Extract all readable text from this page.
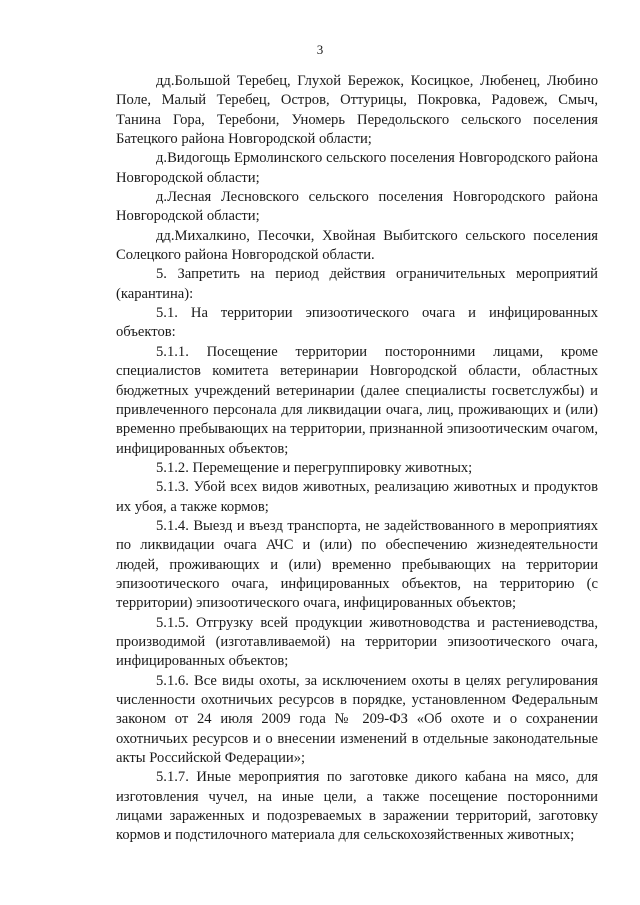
3

дд.Большой Теребец, Глухой Бережок, Косицкое, Любенец, Любино Поле, Малый Теребец, Остров, Оттурицы, Покровка, Радовеж, Смыч, Танина Гора, Теребони, Уномерь Передольского сельского поселения Батецкого района Новгородской области;

д.Видогощь Ермолинского сельского поселения Новгородского района Новгородской области;

д.Лесная Лесновского сельского поселения Новгородского района Новгородской области;

дд.Михалкино, Песочки, Хвойная Выбитского сельского поселения Солецкого района Новгородской области.

5. Запретить на период действия ограничительных мероприятий (карантина):

5.1. На территории эпизоотического очага и инфицированных объектов:

5.1.1. Посещение территории посторонними лицами, кроме специалистов комитета ветеринарии Новгородской области, областных бюджетных учреждений ветеринарии (далее специалисты госветслужбы) и привлеченного персонала для ликвидации очага, лиц, проживающих и (или) временно пребывающих на территории, признанной эпизоотическим очагом, инфицированных объектов;

5.1.2. Перемещение и перегруппировку животных;

5.1.3. Убой всех видов животных, реализацию животных и продуктов их убоя, а также кормов;

5.1.4. Выезд и въезд транспорта, не задействованного в мероприятиях по ликвидации очага АЧС и (или) по обеспечению жизнедеятельности людей, проживающих и (или) временно пребывающих на территории эпизоотического очага, инфицированных объектов, на территорию (с территории) эпизоотического очага, инфицированных объектов;

5.1.5. Отгрузку всей продукции животноводства и растениеводства, производимой (изготавливаемой) на территории эпизоотического очага, инфицированных объектов;

5.1.6. Все виды охоты, за исключением охоты в целях регулирования численности охотничьих ресурсов в порядке, установленном Федеральным законом от 24 июля 2009 года № 209-ФЗ «Об охоте и о сохранении охотничьих ресурсов и о внесении изменений в отдельные законодательные акты Российской Федерации»;

5.1.7. Иные мероприятия по заготовке дикого кабана на мясо, для изготовления чучел, на иные цели, а также посещение посторонними лицами зараженных и подозреваемых в заражении территорий, заготовку кормов и подстилочного материала для сельскохозяйственных животных;
